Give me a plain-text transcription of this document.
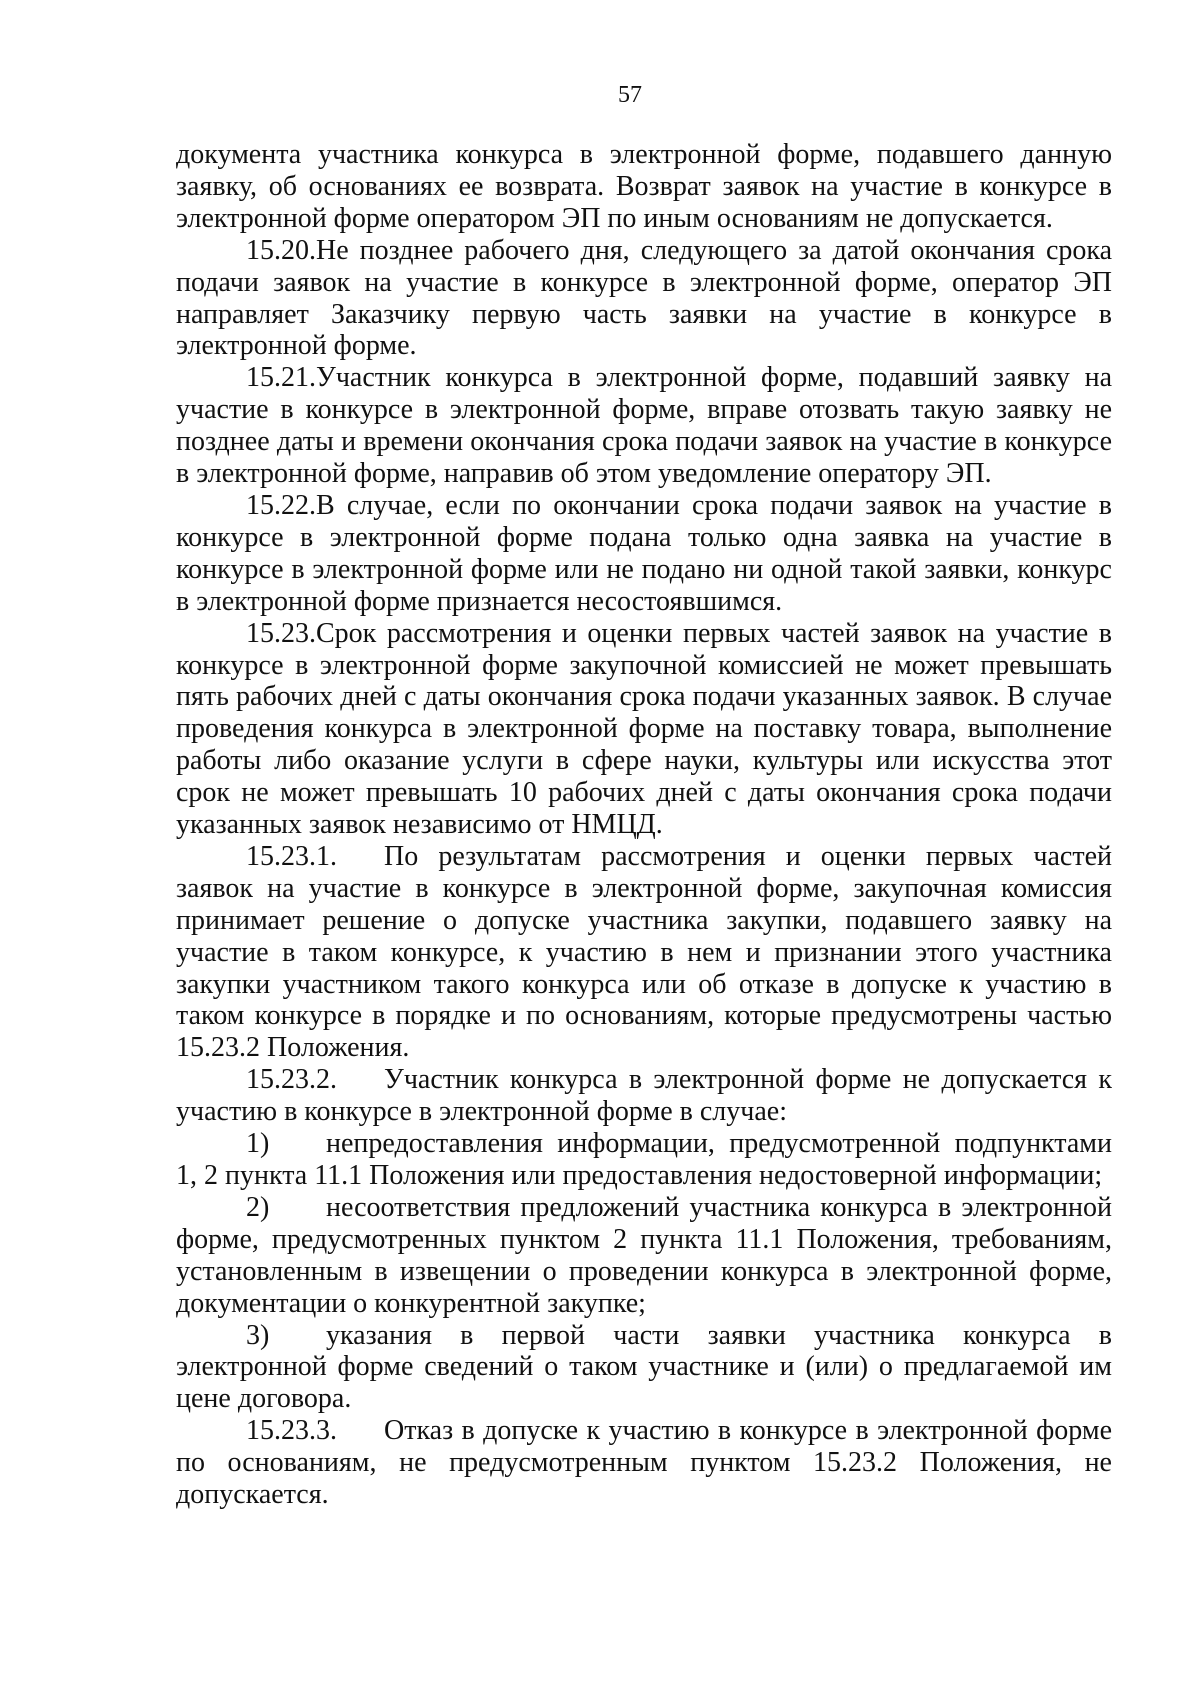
57

документа участника конкурса в электронной форме, подавшего данную заявку, об основаниях ее возврата. Возврат заявок на участие в конкурсе в электронной форме оператором ЭП по иным основаниям не допускается.

15.20.Не позднее рабочего дня, следующего за датой окончания срока подачи заявок на участие в конкурсе в электронной форме, оператор ЭП направляет Заказчику первую часть заявки на участие в конкурсе в электронной форме.

15.21.Участник конкурса в электронной форме, подавший заявку на участие в конкурсе в электронной форме, вправе отозвать такую заявку не позднее даты и времени окончания срока подачи заявок на участие в конкурсе в электронной форме, направив об этом уведомление оператору ЭП.

15.22.В случае, если по окончании срока подачи заявок на участие в конкурсе в электронной форме подана только одна заявка на участие в конкурсе в электронной форме или не подано ни одной такой заявки, конкурс в электронной форме признается несостоявшимся.

15.23.Срок рассмотрения и оценки первых частей заявок на участие в конкурсе в электронной форме закупочной комиссией не может превышать пять рабочих дней с даты окончания срока подачи указанных заявок. В случае проведения конкурса в электронной форме на поставку товара, выполнение работы либо оказание услуги в сфере науки, культуры или искусства этот срок не может превышать 10 рабочих дней с даты окончания срока подачи указанных заявок независимо от НМЦД.

15.23.1. По результатам рассмотрения и оценки первых частей заявок на участие в конкурсе в электронной форме, закупочная комиссия принимает решение о допуске участника закупки, подавшего заявку на участие в таком конкурсе, к участию в нем и признании этого участника закупки участником такого конкурса или об отказе в допуске к участию в таком конкурсе в порядке и по основаниям, которые предусмотрены частью 15.23.2 Положения.

15.23.2. Участник конкурса в электронной форме не допускается к участию в конкурсе в электронной форме в случае:

1) непредоставления информации, предусмотренной подпунктами 1, 2 пункта 11.1 Положения или предоставления недостоверной информации;

2) несоответствия предложений участника конкурса в электронной форме, предусмотренных пунктом 2 пункта 11.1 Положения, требованиям, установленным в извещении о проведении конкурса в электронной форме, документации о конкурентной закупке;

3) указания в первой части заявки участника конкурса в электронной форме сведений о таком участнике и (или) о предлагаемой им цене договора.

15.23.3. Отказ в допуске к участию в конкурсе в электронной форме по основаниям, не предусмотренным пунктом 15.23.2 Положения, не допускается.
